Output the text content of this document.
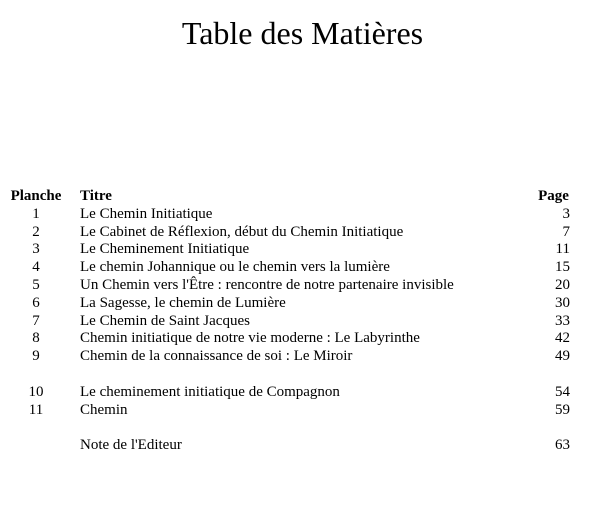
Table des Matières
Planche	Titre	Page
1	Le Chemin Initiatique	3
2	Le Cabinet de Réflexion, début du Chemin Initiatique	7
3	Le Cheminement Initiatique	11
4	Le chemin Johannique ou le chemin vers la lumière	15
5	Un Chemin vers l'Être : rencontre de notre partenaire invisible	20
6	La Sagesse, le chemin de Lumière	30
7	Le Chemin de Saint Jacques	33
8	Chemin initiatique de notre vie moderne : Le Labyrinthe	42
9	Chemin de la connaissance de soi : Le Miroir	49

10	Le cheminement initiatique de Compagnon	54
11	Chemin	59

	Note de l'Editeur	63
